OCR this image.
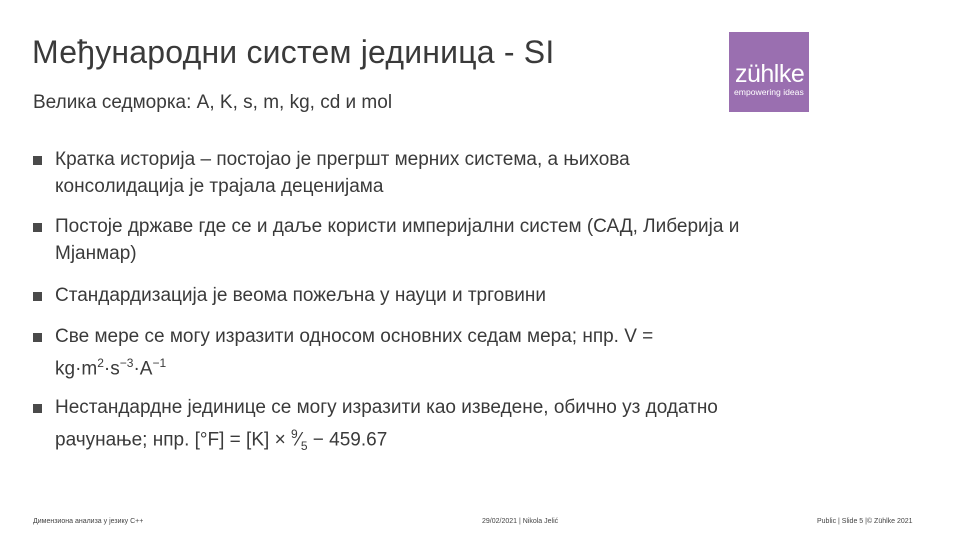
Међународни систем јединица - SI
Велика седморка: A, K, s, m, kg, cd и mol
zühlke
empowering ideas
Кратка историја – постојао је прегршт мерних система, а њихова
консолидација је трајала деценијама
Постоје државе где се и даље користи империјални систем (САД, Либерија и
Мјанмар)
Стандардизација је веома пожељна у науци и трговини
Све мере се могу изразити односом основних седам мера; нпр. V =
$kg\cdot m^2\cdot s^{-3}\cdot A^{-1}$
Нестандардне јединице се могу изразити као изведене, обично уз додатно
рачунање; нпр. $[^\circ F] = [K] \times ^9⁄_5 - 459.67$
Димензиона анализа у језику C++	29/02/2021 | Nikola Jelić	Public | Slide 5 |© Zühlke 2021
